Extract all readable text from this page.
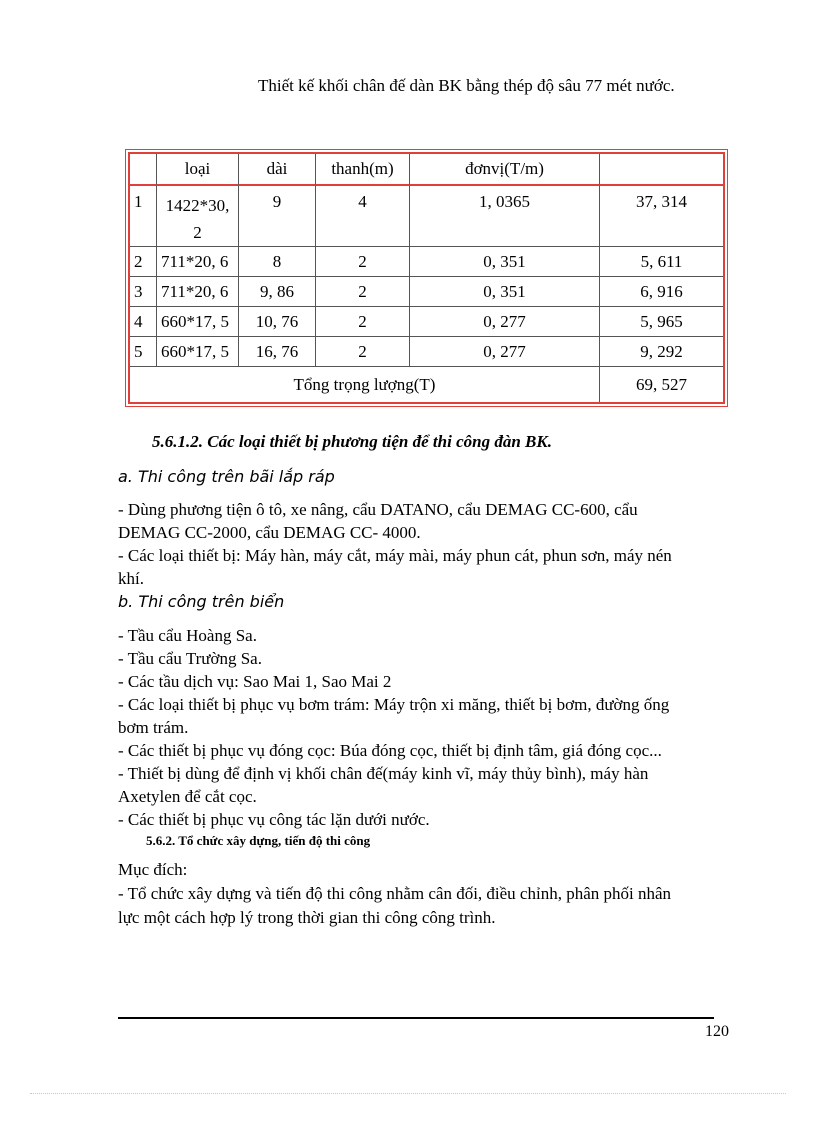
Thiết kế khối chân đế dàn BK bằng thép độ sâu 77 mét nước.
	loại	dài	thanh(m)	đơnvị(T/m)	
1	1422*30, 2	9	4	1, 0365	37, 314
2	711*20, 6	8	2	0, 351	5, 611
3	711*20, 6	9, 86	2	0, 351	6, 916
4	660*17, 5	10, 76	2	0, 277	5, 965
5	660*17, 5	16, 76	2	0, 277	9, 292
Tổng trọng lượng(T)					69, 527
5.6.1.2. Các loại thiết bị phương tiện để thi công đàn BK.
a. Thi công trên bãi lắp ráp
- Dùng phương tiện ô tô, xe nâng, cẩu DATANO, cẩu DEMAG CC-600, cẩu
DEMAG CC-2000, cẩu DEMAG CC- 4000.
- Các loại thiết bị: Máy hàn, máy cắt, máy mài, máy phun cát, phun sơn, máy nén
khí.
b. Thi công trên biển
- Tầu cẩu Hoàng Sa.
- Tầu cẩu Trường Sa.
- Các tầu dịch vụ: Sao Mai 1, Sao Mai 2
- Các loại thiết bị phục vụ bơm trám: Máy trộn xi măng, thiết bị bơm, đường ống
bơm trám.
- Các thiết bị phục vụ đóng cọc: Búa đóng cọc, thiết bị định tâm, giá đóng cọc...
- Thiết bị dùng để định vị khối chân đế(máy kinh vĩ, máy thủy bình), máy hàn
Axetylen để cắt cọc.
- Các thiết bị phục vụ công tác lặn dưới nước.
5.6.2. Tổ chức xây dựng, tiến độ thi công
Mục đích:
- Tổ chức xây dựng và tiến độ thi công nhằm cân đối, điều chỉnh, phân phối nhân
lực một cách hợp lý trong thời gian thi công công trình.
120
